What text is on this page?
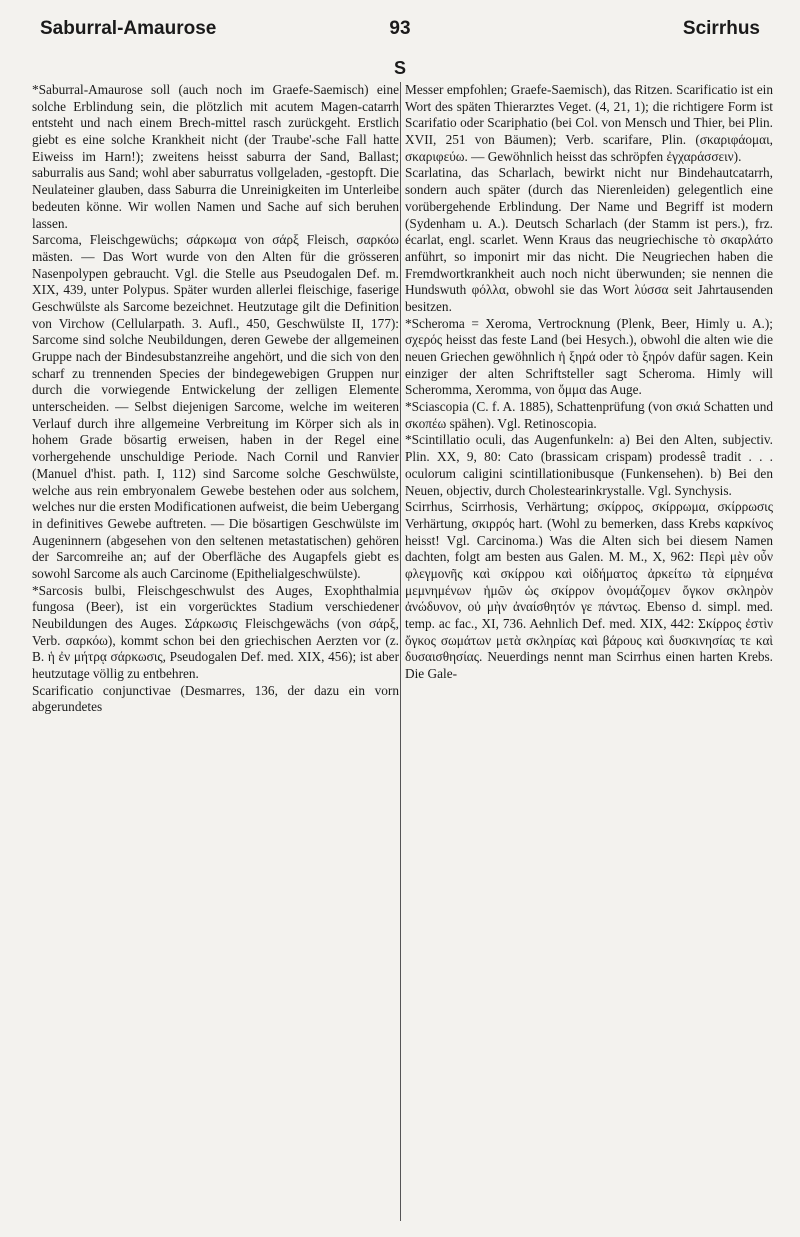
Saburral-Amaurose	93	Scirrhus
S

*Saburral-Amaurose soll (auch noch im Graefe-Saemisch) eine solche Erblindung sein, die plötzlich mit acutem Magen-catarrh entsteht und nach einem Brech-mittel rasch zurückgeht. Erstlich giebt es eine solche Krankheit nicht (der Traube'-sche Fall hatte Eiweiss im Harn!); zweitens heisst saburra der Sand, Ballast; saburralis aus Sand; wohl aber saburratus vollgeladen, -gestopft. Die Neulateiner glauben, dass Saburra die Unreinigkeiten im Unterleibe bedeuten könne. Wir wollen Namen und Sache auf sich beruhen lassen.

Sarcoma, Fleischgewüchs; σάρκωμα von σάρξ Fleisch, σαρκόω mästen. — Das Wort wurde von den Alten für die grösseren Nasenpolypen gebraucht. Vgl. die Stelle aus Pseudogalen Def. m. XIX, 439, unter Polypus. Später wurden allerlei fleischige, faserige Geschwülste als Sarcome bezeichnet. Heutzutage gilt die Definition von Virchow (Cellularpath. 3. Aufl., 450, Geschwülste II, 177): Sarcome sind solche Neubildungen, deren Gewebe der allgemeinen Gruppe nach der Bindesubstanzreihe angehört, und die sich von den scharf zu trennenden Species der bindegewebigen Gruppen nur durch die vorwiegende Entwickelung der zelligen Elemente unterscheiden. — Selbst diejenigen Sarcome, welche im weiteren Verlauf durch ihre allgemeine Verbreitung im Körper sich als in hohem Grade bösartig erweisen, haben in der Regel eine vorhergehende unschuldige Periode. Nach Cornil und Ranvier (Manuel d'hist. path. I, 112) sind Sarcome solche Geschwülste, welche aus rein embryonalem Gewebe bestehen oder aus solchem, welches nur die ersten Modificationen aufweist, die beim Uebergang in definitives Gewebe auftreten. — Die bösartigen Geschwülste im Augeninnern (abgesehen von den seltenen metastatischen) gehören der Sarcomreihe an; auf der Oberfläche des Augapfels giebt es sowohl Sarcome als auch Carcinome (Epithelialgeschwülste).

*Sarcosis bulbi, Fleischgeschwulst des Auges, Exophthalmia fungosa (Beer), ist ein vorgerücktes Stadium verschiedener Neubildungen des Auges. Σάρκωσις Fleischgewächs (von σάρξ, Verb. σαρκόω), kommt schon bei den griechischen Aerzten vor (z. B. ἡ ἐν μήτρᾳ σάρκωσις, Pseudogalen Def. med. XIX, 456); ist aber heutzutage völlig zu entbehren.

Scarificatio conjunctivae (Desmarres, 136, der dazu ein vorn abgerundetes

Messer empfohlen; Graefe-Saemisch), das Ritzen. Scarificatio ist ein Wort des späten Thierarztes Veget. (4, 21, 1); die richtigere Form ist Scarifatio oder Scariphatio (bei Col. von Mensch und Thier, bei Plin. XVII, 251 von Bäumen); Verb. scarifare, Plin. (σκαριφάομαι, σκαριφεύω. — Gewöhnlich heisst das schröpfen ἐγχαράσσειν).

Scarlatina, das Scharlach, bewirkt nicht nur Bindehautcatarrh, sondern auch später (durch das Nierenleiden) gelegentlich eine vorübergehende Erblindung. Der Name und Begriff ist modern (Sydenham u. A.). Deutsch Scharlach (der Stamm ist pers.), frz. écarlat, engl. scarlet. Wenn Kraus das neugriechische τὸ σκαρλάτο anführt, so imponirt mir das nicht. Die Neugriechen haben die Fremdwortkrankheit auch noch nicht überwunden; sie nennen die Hundswuth φόλλα, obwohl sie das Wort λύσσα seit Jahrtausenden besitzen.

*Scheroma = Xeroma, Vertrocknung (Plenk, Beer, Himly u. A.); σχερός heisst das feste Land (bei Hesych.), obwohl die alten wie die neuen Griechen gewöhnlich ἡ ξηρά oder τὸ ξηρόν dafür sagen. Kein einziger der alten Schriftsteller sagt Scheroma. Himly will Scheromma, Xeromma, von ὄμμα das Auge.

*Sciascopia (C. f. A. 1885), Schattenprüfung (von σκιά Schatten und σκοπέω spähen). Vgl. Retinoscopia.

*Scintillatio oculi, das Augenfunkeln: a) Bei den Alten, subjectiv. Plin. XX, 9, 80: Cato (brassicam crispam) prodessê tradit . . . oculorum caligini scintillationibusque (Funkensehen). b) Bei den Neuen, objectiv, durch Cholestearinkrystalle. Vgl. Synchysis.

Scirrhus, Scirrhosis, Verhärtung; σκίρρος, σκίρρωμα, σκίρρωσις Verhärtung, σκιρρός hart. (Wohl zu bemerken, dass Krebs καρκίνος heisst! Vgl. Carcinoma.) Was die Alten sich bei diesem Namen dachten, folgt am besten aus Galen. M. M., X, 962: Περὶ μὲν οὖν φλεγμονῆς καὶ σκίρρου καὶ οἰδήματος ἀρκείτω τὰ εἰρημένα μεμνημένων ἡμῶν ὡς σκίρρον ὀνομάζομεν ὄγκον σκληρὸν ἀνώδυνον, οὐ μὴν ἀναίσθητόν γε πάντως. Ebenso d. simpl. med. temp. ac fac., XI, 736. Aehnlich Def. med. XIX, 442: Σκίρρος ἐστὶν ὄγκος σωμάτων μετὰ σκληρίας καὶ βάρους καὶ δυσκινησίας τε καὶ δυσαισθησίας. Neuerdings nennt man Scirrhus einen harten Krebs. Die Gale-
